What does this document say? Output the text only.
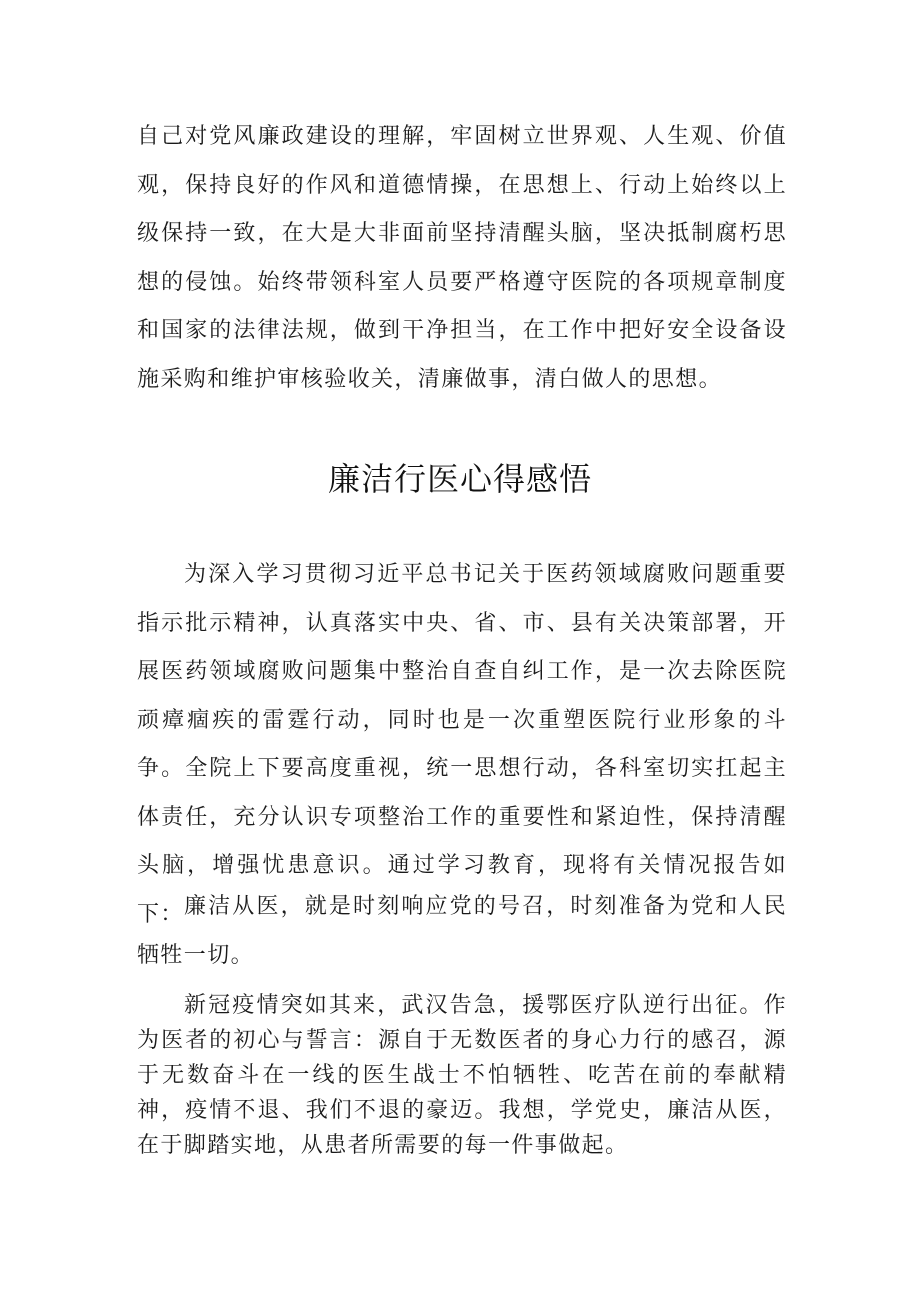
自己对党风廉政建设的理解，牢固树立世界观、人生观、价值观，保持良好的作风和道德情操，在思想上、行动上始终以上级保持一致，在大是大非面前坚持清醒头脑，坚决抵制腐朽思想的侵蚀。始终带领科室人员要严格遵守医院的各项规章制度和国家的法律法规，做到干净担当，在工作中把好安全设备设施采购和维护审核验收关，清廉做事，清白做人的思想。

廉洁行医心得感悟

为深入学习贯彻习近平总书记关于医药领域腐败问题重要指示批示精神，认真落实中央、省、市、县有关决策部署，开展医药领域腐败问题集中整治自查自纠工作，是一次去除医院顽瘴痼疾的雷霆行动，同时也是一次重塑医院行业形象的斗争。全院上下要高度重视，统一思想行动，各科室切实扛起主体责任，充分认识专项整治工作的重要性和紧迫性，保持清醒头脑，增强忧患意识。通过学习教育，现将有关情况报告如下： 廉洁从医，就是时刻响应党的号召，时刻准备为党和人民牺牲一切。

新冠疫情突如其来，武汉告急，援鄂医疗队逆行出征。作为医者的初心与誓言：源自于无数医者的身心力行的感召，源于无数奋斗在一线的医生战士不怕牺牲、吃苦在前的奉献精神，疫情不退、我们不退的豪迈。我想，学党史，廉洁从医，在于脚踏实地，从患者所需要的每一件事做起。
